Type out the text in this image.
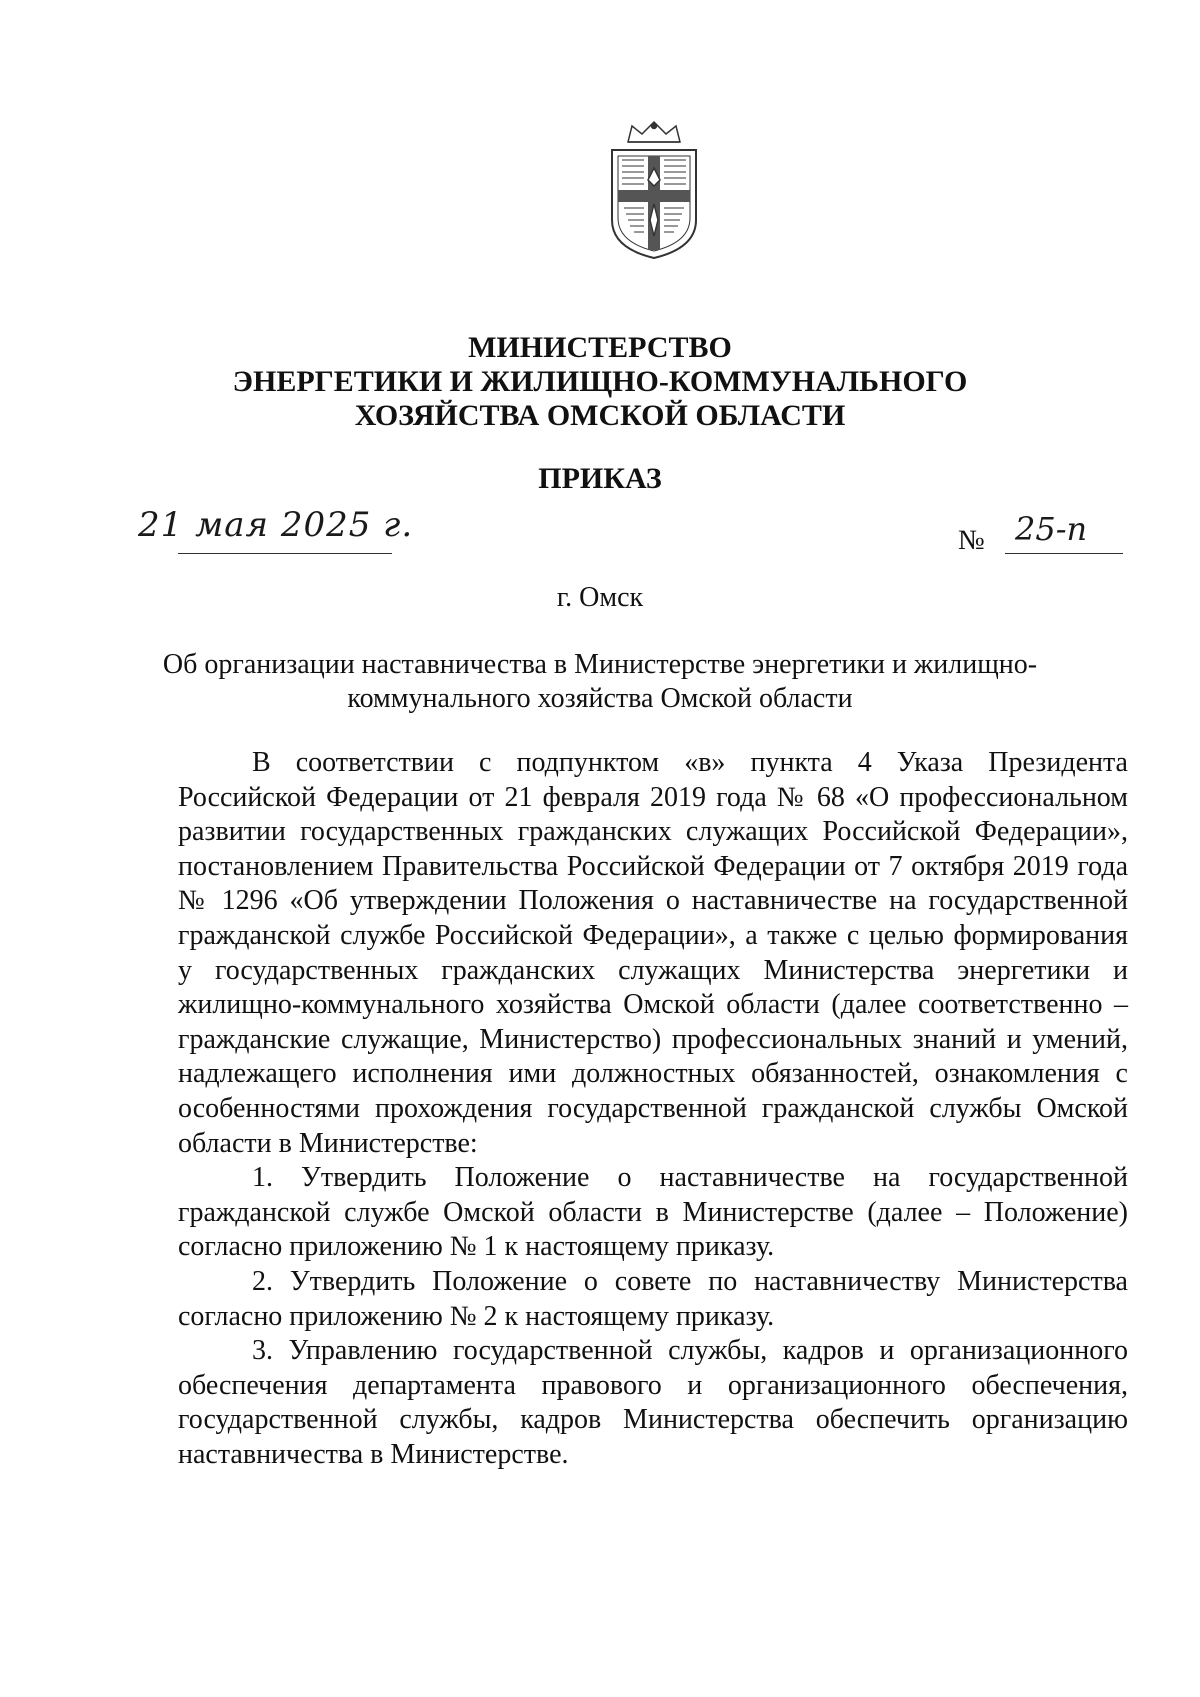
МИНИСТЕРСТВО
ЭНЕРГЕТИКИ И ЖИЛИЩНО-КОММУНАЛЬНОГО
ХОЗЯЙСТВА ОМСКОЙ ОБЛАСТИ
ПРИКАЗ
21 мая 2025 г.	№ 25-п
г. Омск
Об организации наставничества в Министерстве энергетики и жилищно-коммунального хозяйства Омской области

В соответствии с подпунктом «в» пункта 4 Указа Президента Российской Федерации от 21 февраля 2019 года № 68 «О профессиональном развитии государственных гражданских служащих Российской Федерации», постановлением Правительства Российской Федерации от 7 октября 2019 года № 1296 «Об утверждении Положения о наставничестве на государственной гражданской службе Российской Федерации», а также с целью формирования у государственных гражданских служащих Министерства энергетики и жилищно-коммунального хозяйства Омской области (далее соответственно – гражданские служащие, Министерство) профессиональных знаний и умений, надлежащего исполнения ими должностных обязанностей, ознакомления с особенностями прохождения государственной гражданской службы Омской области в Министерстве:

1. Утвердить Положение о наставничестве на государственной гражданской службе Омской области в Министерстве (далее – Положение) согласно приложению № 1 к настоящему приказу.

2. Утвердить Положение о совете по наставничеству Министерства согласно приложению № 2 к настоящему приказу.

3. Управлению государственной службы, кадров и организационного обеспечения департамента правового и организационного обеспечения, государственной службы, кадров Министерства обеспечить организацию наставничества в Министерстве.
